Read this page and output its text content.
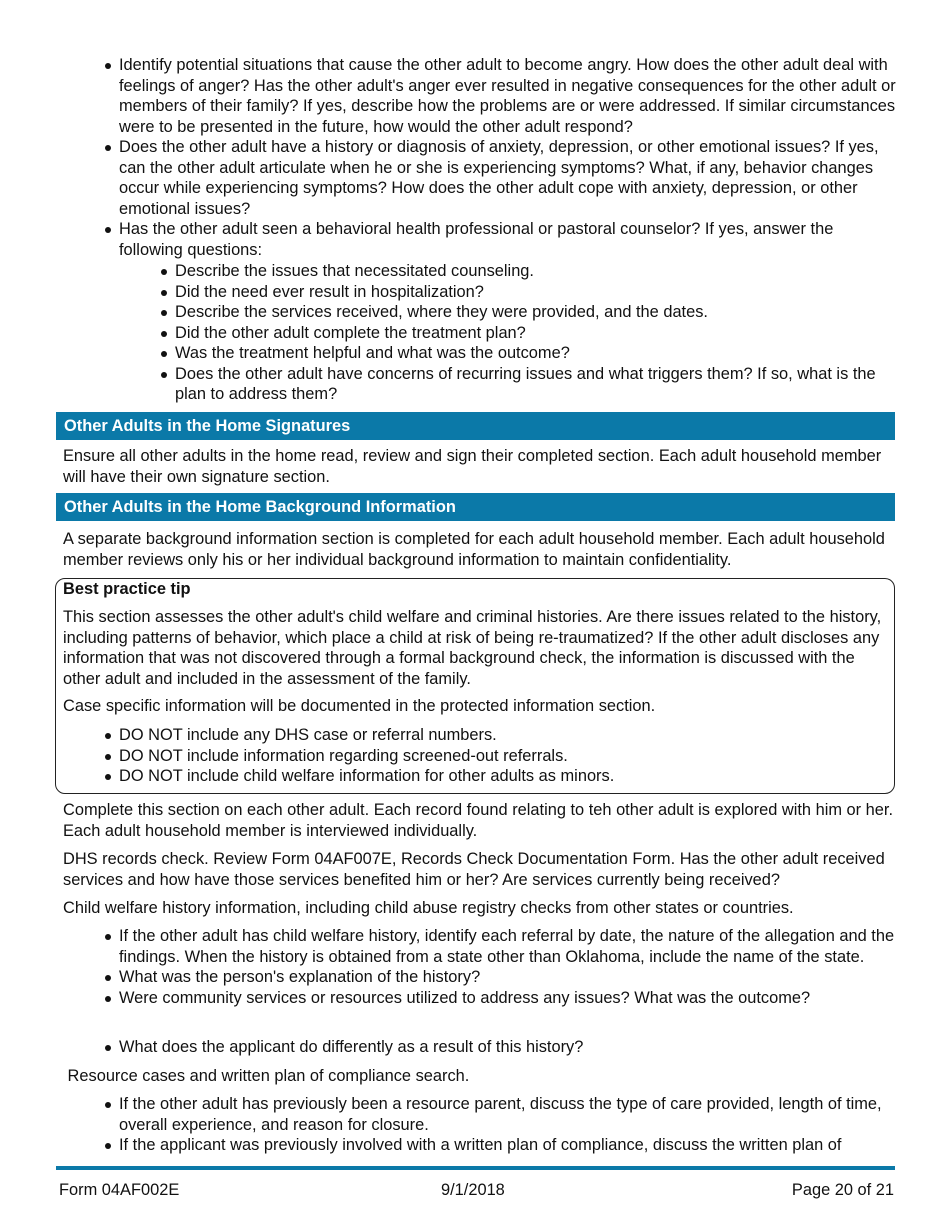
Identify potential situations that cause the other adult to become angry. How does the other adult deal with feelings of anger? Has the other adult's anger ever resulted in negative consequences for the other adult or members of their family? If yes, describe how the problems are or were addressed. If similar circumstances were to be presented in the future, how would the other adult respond?
Does the other adult have a history or diagnosis of anxiety, depression, or other emotional issues? If yes, can the other adult articulate when he or she is experiencing symptoms? What, if any, behavior changes occur while experiencing symptoms? How does the other adult cope with anxiety, depression, or other emotional issues?
Has the other adult seen a behavioral health professional or pastoral counselor? If yes, answer the following questions:
Describe the issues that necessitated counseling.
Did the need ever result in hospitalization?
Describe the services received, where they were provided, and the dates.
Did the other adult complete the treatment plan?
Was the treatment helpful and what was the outcome?
Does the other adult have concerns of recurring issues and what triggers them? If so, what is the plan to address them?
Other Adults in the Home Signatures

Ensure all other adults in the home read, review and sign their completed section. Each adult household member will have their own signature section.

Other Adults in the Home Background Information

A separate background information section is completed for each adult household member. Each adult household member reviews only his or her individual background information to maintain confidentiality.

Best practice tip

This section assesses the other adult's child welfare and criminal histories. Are there issues related to the history, including patterns of behavior, which place a child at risk of being re-traumatized? If the other adult discloses any information that was not discovered through a formal background check, the information is discussed with the other adult and included in the assessment of the family.

Case specific information will be documented in the protected information section.

DO NOT include any DHS case or referral numbers.
DO NOT include information regarding screened-out referrals.
DO NOT include child welfare information for other adults as minors.

Complete this section on each other adult. Each record found relating to teh other adult is explored with him or her. Each adult household member is interviewed individually.

DHS records check. Review Form 04AF007E, Records Check Documentation Form. Has the other adult received services and how have those services benefited him or her? Are services currently being received?

Child welfare history information, including child abuse registry checks from other states or countries.

If the other adult has child welfare history, identify each referral by date, the nature of the allegation and the findings. When the history is obtained from a state other than Oklahoma, include the name of the state.
What was the person's explanation of the history?
Were community services or resources utilized to address any issues? What was the outcome?
What does the applicant do differently as a result of this history?

Resource cases and written plan of compliance search.

If the other adult has previously been a resource parent, discuss the type of care provided, length of time, overall experience, and reason for closure.
If the applicant was previously involved with a written plan of compliance, discuss the written plan of
Form 04AF002E	9/1/2018	Page 20 of 21
